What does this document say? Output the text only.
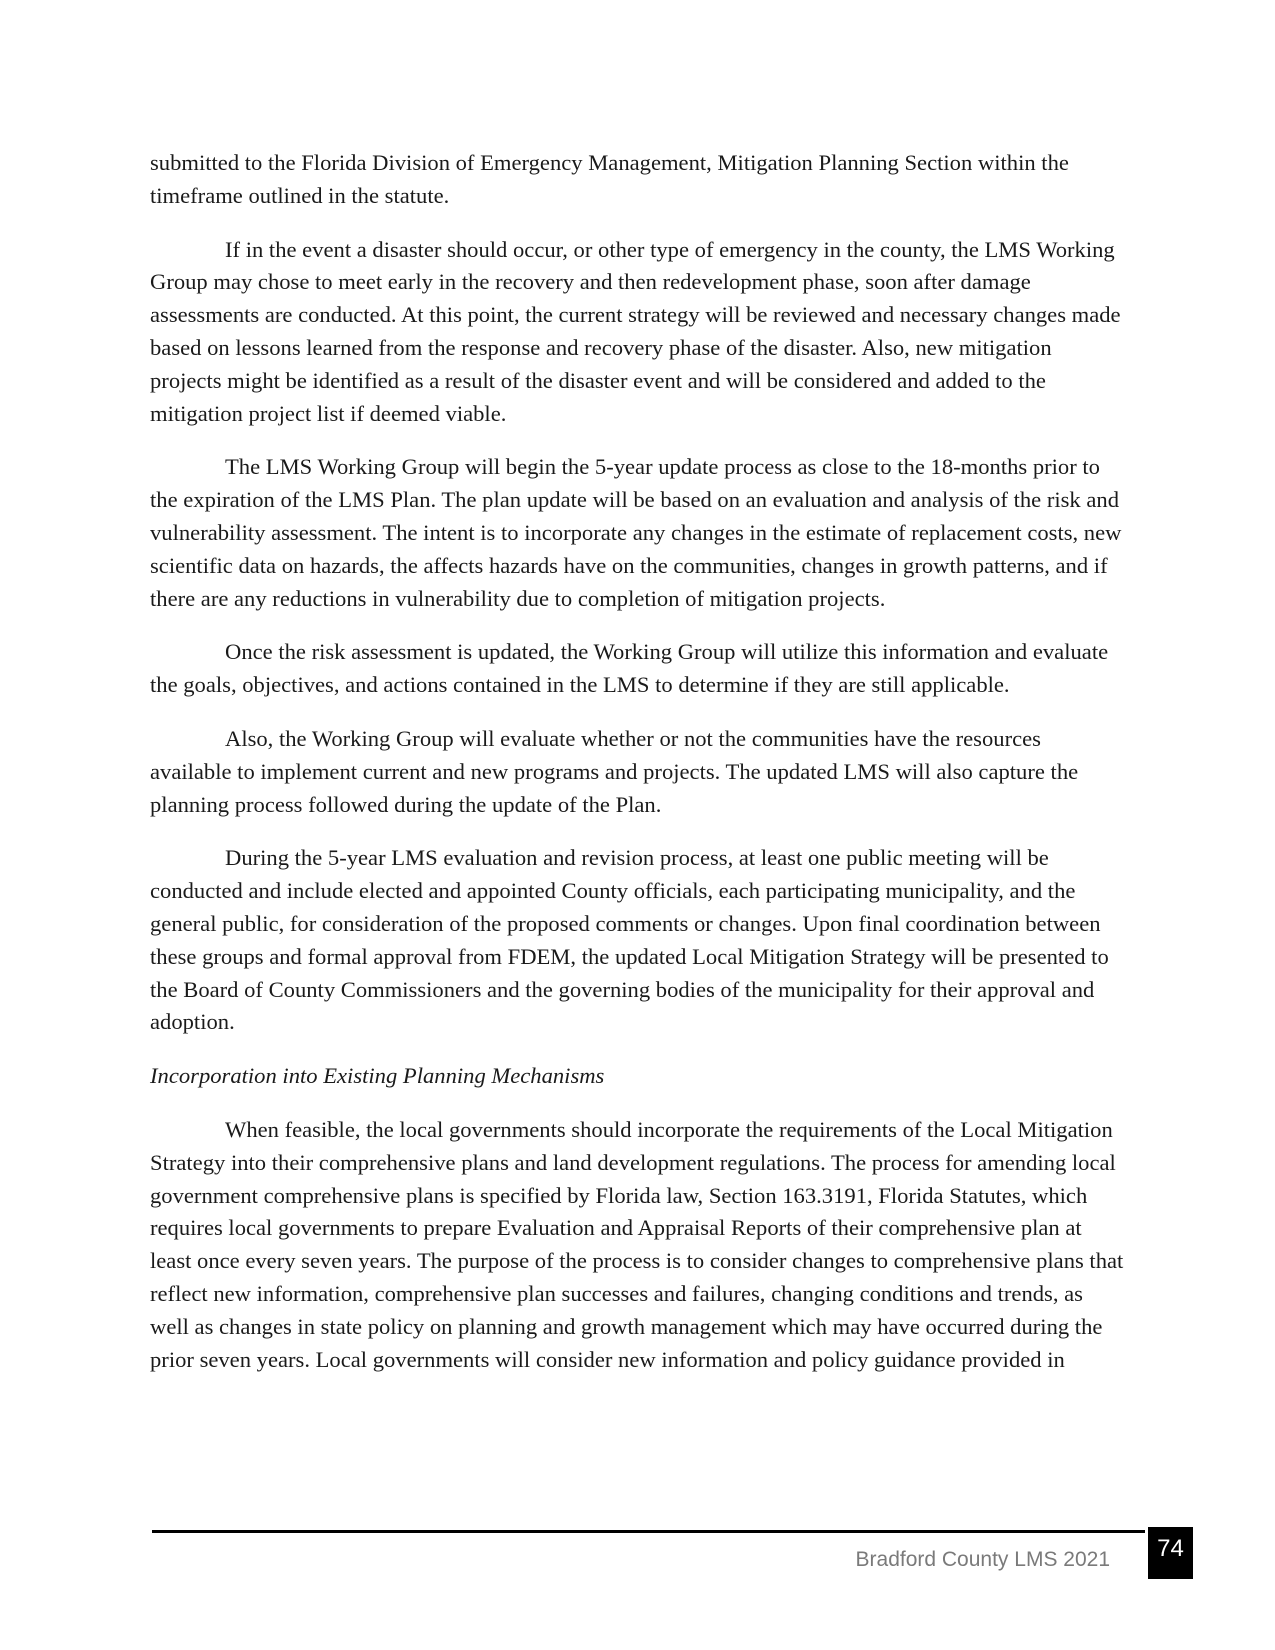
submitted to the Florida Division of Emergency Management, Mitigation Planning Section within the timeframe outlined in the statute.

If in the event a disaster should occur, or other type of emergency in the county, the LMS Working Group may chose to meet early in the recovery and then redevelopment phase, soon after damage assessments are conducted. At this point, the current strategy will be reviewed and necessary changes made based on lessons learned from the response and recovery phase of the disaster. Also, new mitigation projects might be identified as a result of the disaster event and will be considered and added to the mitigation project list if deemed viable.

The LMS Working Group will begin the 5-year update process as close to the 18-months prior to the expiration of the LMS Plan. The plan update will be based on an evaluation and analysis of the risk and vulnerability assessment. The intent is to incorporate any changes in the estimate of replacement costs, new scientific data on hazards, the affects hazards have on the communities, changes in growth patterns, and if there are any reductions in vulnerability due to completion of mitigation projects.

Once the risk assessment is updated, the Working Group will utilize this information and evaluate the goals, objectives, and actions contained in the LMS to determine if they are still applicable.

Also, the Working Group will evaluate whether or not the communities have the resources available to implement current and new programs and projects. The updated LMS will also capture the planning process followed during the update of the Plan.

During the 5-year LMS evaluation and revision process, at least one public meeting will be conducted and include elected and appointed County officials, each participating municipality, and the general public, for consideration of the proposed comments or changes. Upon final coordination between these groups and formal approval from FDEM, the updated Local Mitigation Strategy will be presented to the Board of County Commissioners and the governing bodies of the municipality for their approval and adoption.

Incorporation into Existing Planning Mechanisms

When feasible, the local governments should incorporate the requirements of the Local Mitigation Strategy into their comprehensive plans and land development regulations. The process for amending local government comprehensive plans is specified by Florida law, Section 163.3191, Florida Statutes, which requires local governments to prepare Evaluation and Appraisal Reports of their comprehensive plan at least once every seven years. The purpose of the process is to consider changes to comprehensive plans that reflect new information, comprehensive plan successes and failures, changing conditions and trends, as well as changes in state policy on planning and growth management which may have occurred during the prior seven years. Local governments will consider new information and policy guidance provided in

Bradford County LMS 2021	74
